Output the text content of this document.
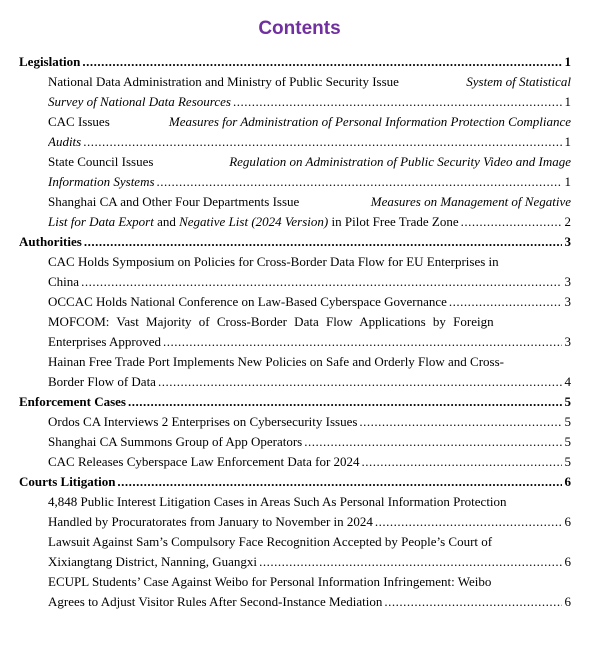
Contents
Legislation .....	1
National Data Administration and Ministry of Public Security Issue	System of Statistical
Survey of National Data Resources .....	1
CAC Issues	Measures for Administration of Personal Information Protection Compliance
Audits .....	1
State Council Issues	Regulation on Administration of Public Security Video and Image
Information Systems .....	1
Shanghai CA and Other Four Departments Issue	Measures on Management of Negative
List for Data Export and Negative List (2024 Version) in Pilot Free Trade Zone .....	2
Authorities .....	3
CAC Holds Symposium on Policies for Cross-Border Data Flow for EU Enterprises in
China .....	3
OCCAC Holds National Conference on Law-Based Cyberspace Governance .....	3
MOFCOM: Vast Majority of Cross-Border Data Flow Applications by Foreign
Enterprises Approved .....	3
Hainan Free Trade Port Implements New Policies on Safe and Orderly Flow and Cross-
Border Flow of Data .....	4
Enforcement Cases .....	5
Ordos CA Interviews 2 Enterprises on Cybersecurity Issues .....	5
Shanghai CA Summons Group of App Operators .....	5
CAC Releases Cyberspace Law Enforcement Data for 2024 .....	5
Courts Litigation .....	6
4,848 Public Interest Litigation Cases in Areas Such As Personal Information Protection
Handled by Procuratorates from January to November in 2024 .....	6
Lawsuit Against Sam’s Compulsory Face Recognition Accepted by People’s Court of
Xixiangtang District, Nanning, Guangxi .....	6
ECUPL Students’ Case Against Weibo for Personal Information Infringement: Weibo
Agrees to Adjust Visitor Rules After Second-Instance Mediation .....	6
